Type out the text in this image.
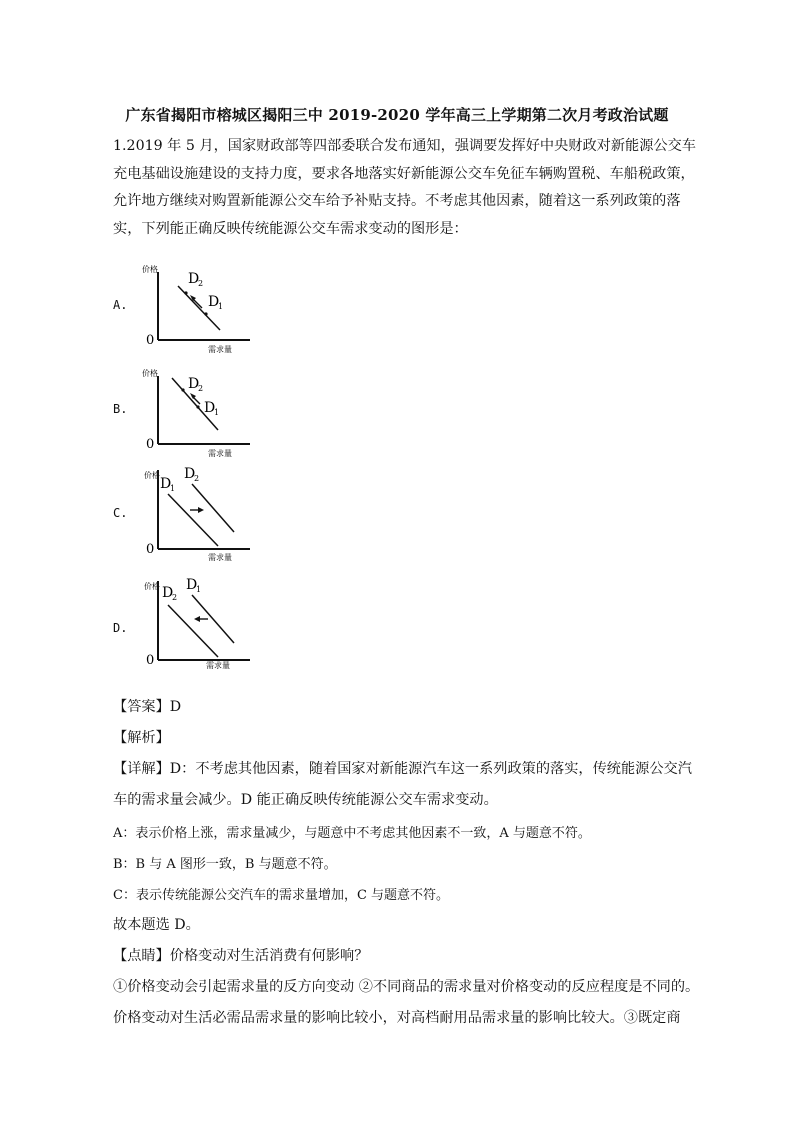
广东省揭阳市榕城区揭阳三中 2019-2020 学年高三上学期第二次月考政治试题
1.2019 年 5 月，国家财政部等四部委联合发布通知，强调要发挥好中央财政对新能源公交车
充电基础设施建设的支持力度，要求各地落实好新能源公交车免征车辆购置税、车船税政策，
允许地方继续对购置新能源公交车给予补贴支持。不考虑其他因素，随着这一系列政策的落
实，下列能正确反映传统能源公交车需求变动的图形是：
A.
价格
0
需求量
D
2
D
1
B.
价格
0
需求量
D
2
D
1
C.
价格
0
需求量
D
1
D
2
D.
价格
0	需求量
D
2
D
1
【答案】D
【解析】
【详解】D：不考虑其他因素，随着国家对新能源汽车这一系列政策的落实，传统能源公交汽
车的需求量会减少。D 能正确反映传统能源公交车需求变动。
A：表示价格上涨，需求量减少，与题意中不考虑其他因素不一致，A 与题意不符。
B：B 与 A 图形一致，B 与题意不符。
C：表示传统能源公交汽车的需求量增加，C 与题意不符。
故本题选 D。
【点睛】价格变动对生活消费有何影响？
①价格变动会引起需求量的反方向变动 ②不同商品的需求量对价格变动的反应程度是不同的。
价格变动对生活必需品需求量的影响比较小，对高档耐用品需求量的影响比较大。③既定商
